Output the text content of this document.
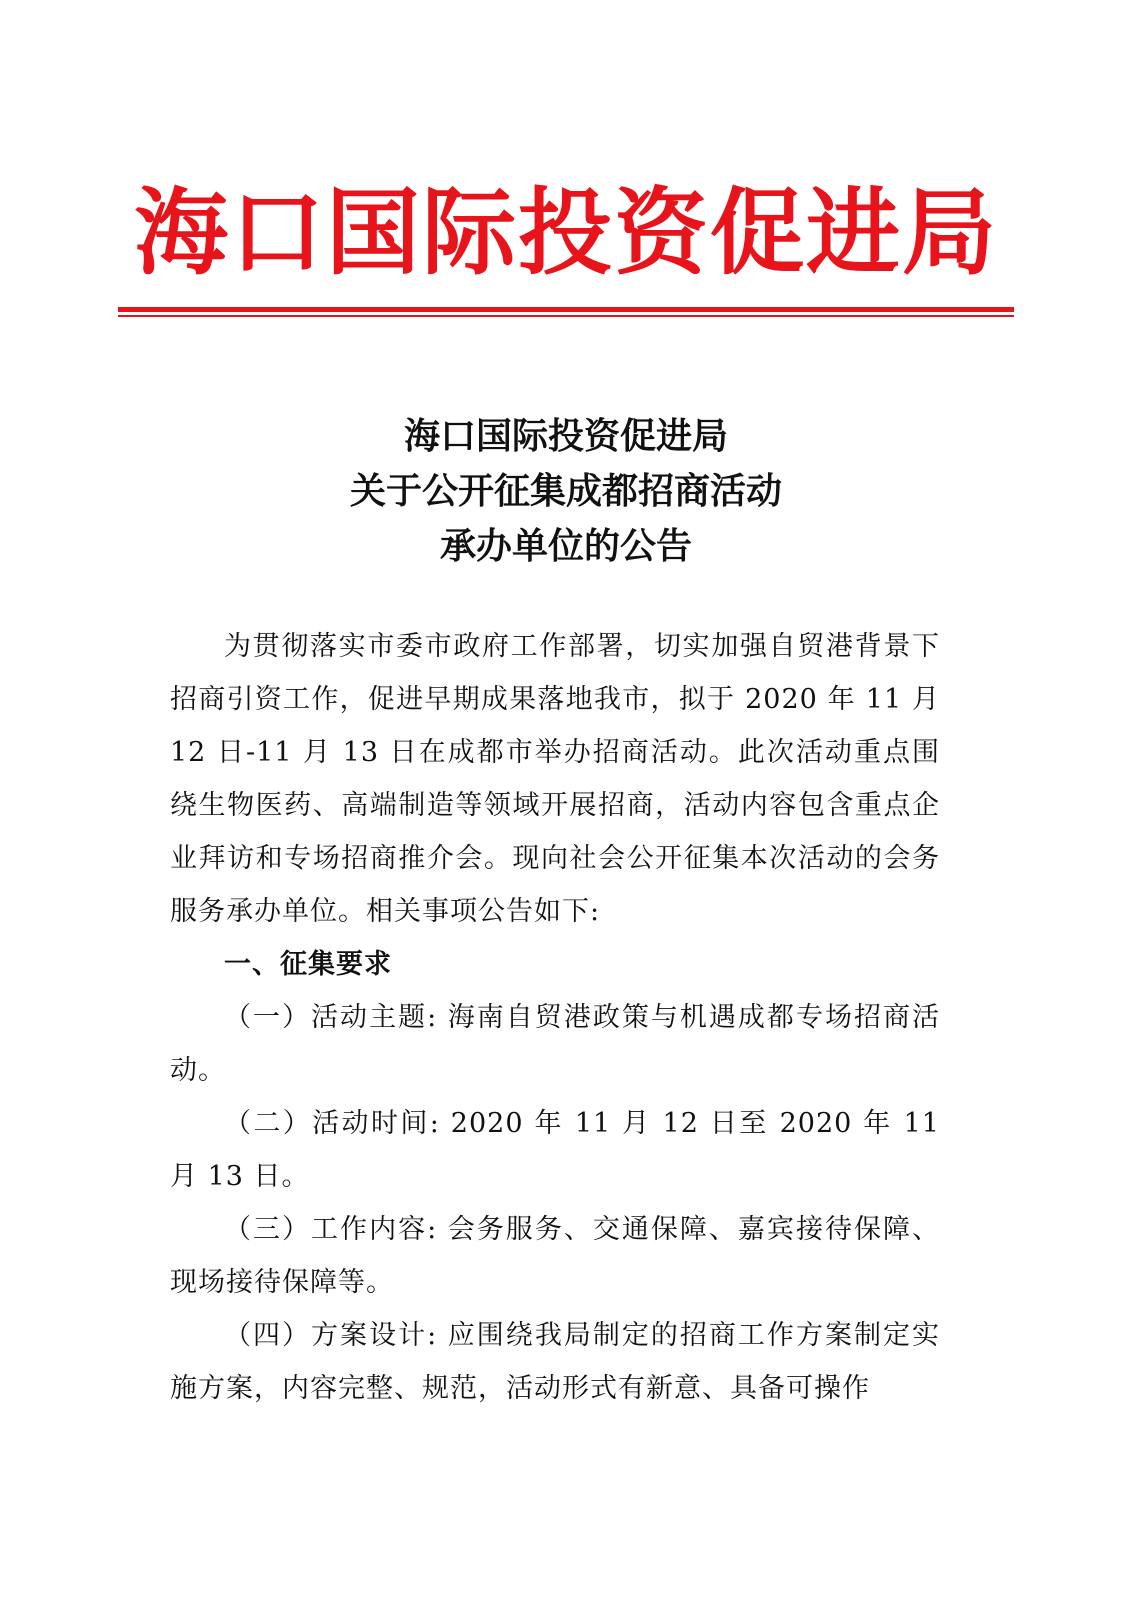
海口国际投资促进局
海口国际投资促进局
关于公开征集成都招商活动
承办单位的公告

为贯彻落实市委市政府工作部署，切实加强自贸港背景下招商引资工作，促进早期成果落地我市，拟于 2020 年 11 月 12 日-11 月 13 日在成都市举办招商活动。此次活动重点围绕生物医药、高端制造等领域开展招商，活动内容包含重点企业拜访和专场招商推介会。现向社会公开征集本次活动的会务服务承办单位。相关事项公告如下:

一、征集要求

（一）活动主题: 海南自贸港政策与机遇成都专场招商活动。

（二）活动时间: 2020 年 11 月 12 日至 2020 年 11 月 13 日。

（三）工作内容: 会务服务、交通保障、嘉宾接待保障、现场接待保障等。

（四）方案设计: 应围绕我局制定的招商工作方案制定实施方案，内容完整、规范，活动形式有新意、具备可操作
